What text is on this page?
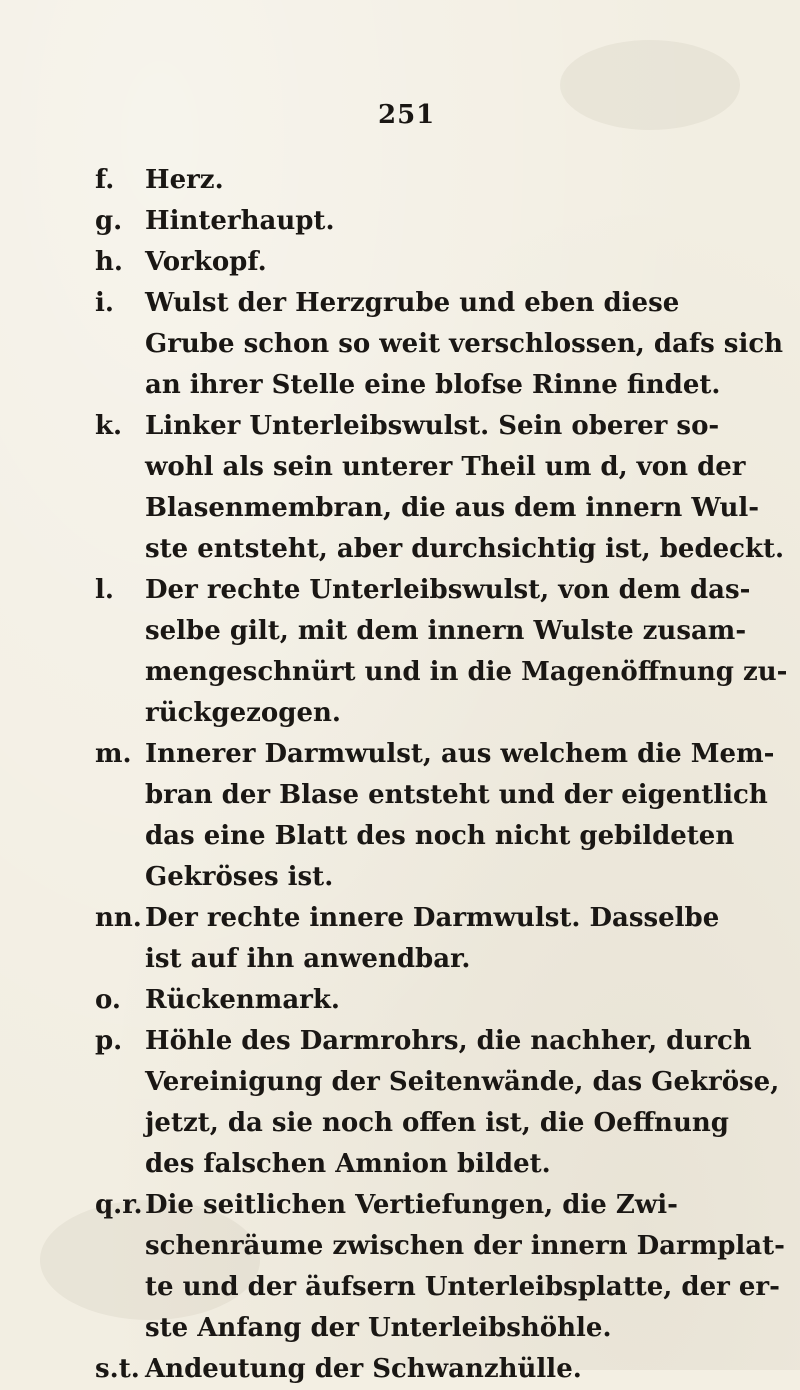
251
f.	Herz.
g. Hinterhaupt.
h. Vorkopf.
i.	Wulst der Herzgrube und eben diese
Grube schon so weit verschlossen, dafs sich
an ihrer Stelle eine blofse Rinne findet.
k. Linker Unterleibswulst. Sein oberer so-
wohl als sein unterer Theil um d, von der
Blasenmembran, die aus dem innern Wul-
ste entsteht, aber durchsichtig ist, bedeckt.
l.	Der rechte Unterleibswulst, von dem das-
selbe gilt, mit dem innern Wulste zusam-
mengeschnürt und in die Magenöffnung zu-
rückgezogen.
m. Innerer Darmwulst, aus welchem die Mem-
bran der Blase entsteht und der eigentlich
das eine Blatt des noch nicht gebildeten
Gekröses ist.
nn. Der rechte innere Darmwulst. Dasselbe
ist auf ihn anwendbar.
o. Rückenmark.
p. Höhle des Darmrohrs, die nachher, durch
Vereinigung der Seitenwände, das Gekröse,
jetzt, da sie noch offen ist, die Oeffnung
des falschen Amnion bildet.
q.r. Die seitlichen Vertiefungen, die Zwi-
schenräume zwischen der innern Darmplat-
te und der äufsern Unterleibsplatte, der er-
ste Anfang der Unterleibshöhle.
s.t. Andeutung der Schwanzhülle.
